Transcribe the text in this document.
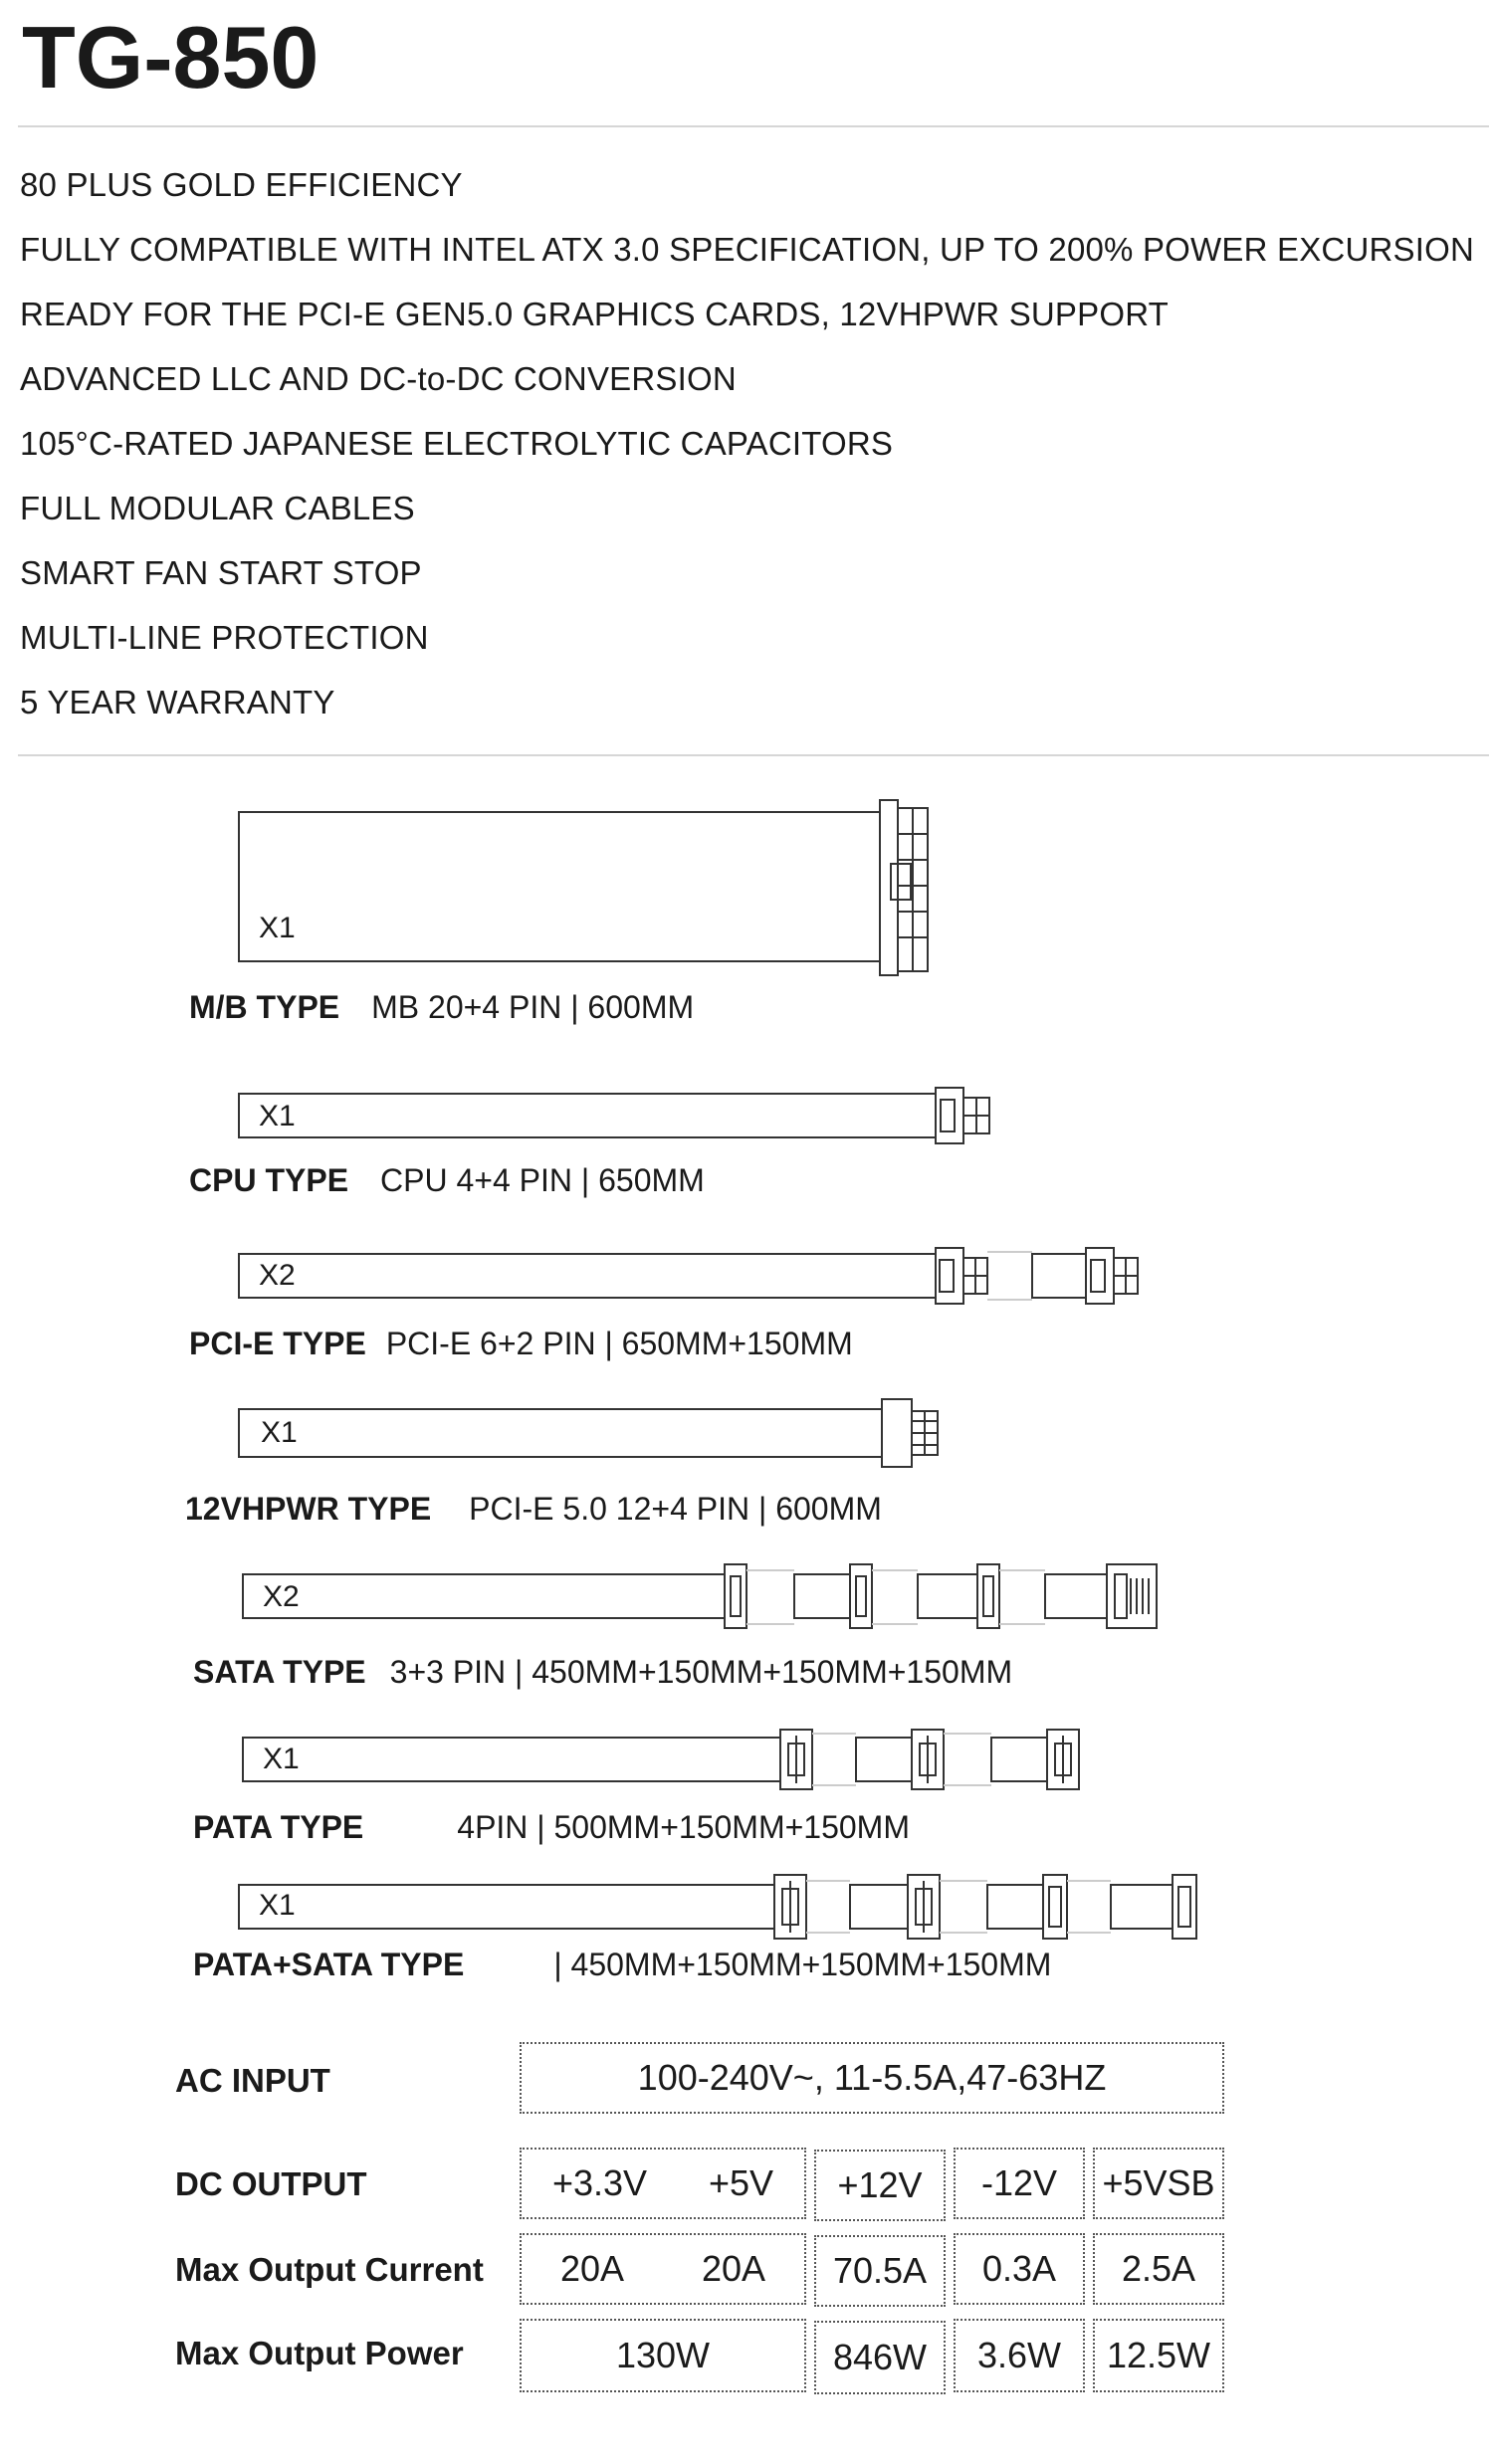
TG-850
80 PLUS GOLD EFFICIENCY
FULLY COMPATIBLE WITH INTEL ATX 3.0 SPECIFICATION, UP TO 200% POWER EXCURSION
READY FOR THE PCI-E GEN5.0 GRAPHICS CARDS, 12VHPWR SUPPORT
ADVANCED LLC AND DC-to-DC CONVERSION
105°C-RATED JAPANESE ELECTROLYTIC CAPACITORS
FULL MODULAR CABLES
SMART FAN START STOP
MULTI-LINE PROTECTION
5 YEAR WARRANTY
X1
X1
X2
X1
X2
X1
X1
M/B TYPE MB 20+4 PIN | 600MM
CPU TYPE CPU 4+4 PIN | 650MM
PCI-E TYPE PCI-E 6+2 PIN | 650MM+150MM
12VHPWR TYPE PCI-E 5.0 12+4 PIN | 600MM
SATA TYPE 3+3 PIN | 450MM+150MM+150MM+150MM
PATA TYPE	4PIN | 500MM+150MM+150MM
PATA+SATA TYPE	| 450MM+150MM+150MM+150MM
AC INPUT	100-240V~, 11-5.5A,47-63HZ
DC OUTPUT	+3.3V +5V	+12V	-12V	+5VSB
Max Output Current 20A 20A	70.5A	0.3A	2.5A
Max Output Power	130W	846W	3.6W	12.5W
